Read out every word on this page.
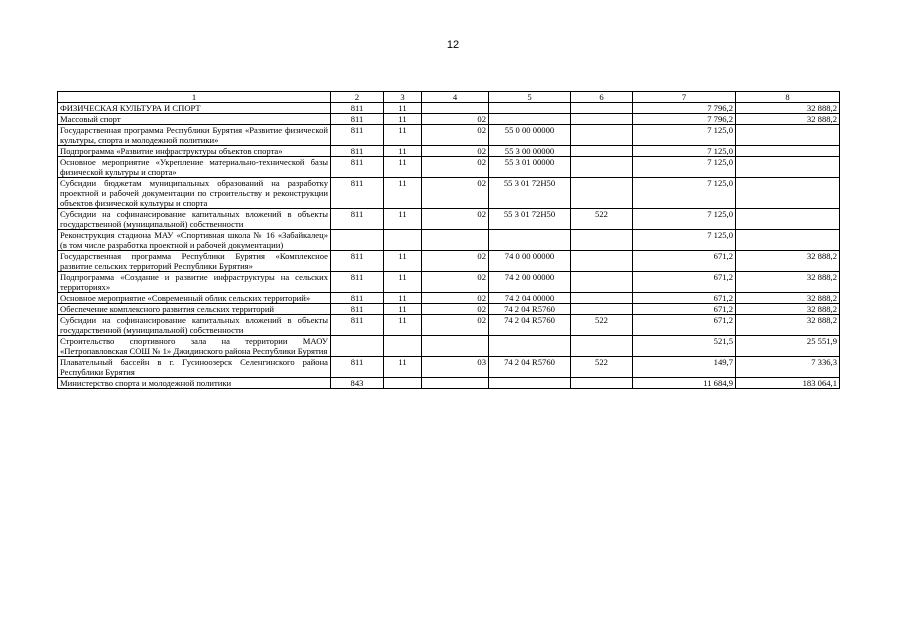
12
1	2	3	4	5	6	7	8
ФИЗИЧЕСКАЯ КУЛЬТУРА И СПОРТ	811	11				7 796,2	32 888,2
Массовый спорт	811	11	02			7 796,2	32 888,2
Государственная программа Республики Бурятия «Развитие физической культуры, спорта и молодежной политики»	811	11	02	55 0 00 00000		7 125,0	
Подпрограмма «Развитие инфраструктуры объектов спорта»	811	11	02	55 3 00 00000		7 125,0	
Основное мероприятие «Укрепление материально-технической базы физической культуры и спорта»	811	11	02	55 3 01 00000		7 125,0	
Субсидии бюджетам муниципальных образований на разработку проектной и рабочей документации по строительству и реконструкции объектов физической культуры и спорта	811	11	02	55 3 01 72Н50		7 125,0	
Субсидии на софинансирование капитальных вложений в объекты государственной (муниципальной) собственности	811	11	02	55 3 01 72Н50	522	7 125,0	
Реконструкция стадиона МАУ «Спортивная школа № 16 «Забайкалец» (в том числе разработка проектной и рабочей документации)						7 125,0	
Государственная программа Республики Бурятия «Комплексное развитие сельских территорий Республики Бурятия»	811	11	02	74 0 00 00000		671,2	32 888,2
Подпрограмма «Создание и развитие инфраструктуры на сельских территориях»	811	11	02	74 2 00 00000		671,2	32 888,2
Основное мероприятие «Современный облик сельских территорий»	811	11	02	74 2 04 00000		671,2	32 888,2
Обеспечение комплексного развития сельских территорий	811	11	02	74 2 04 R5760		671,2	32 888,2
Субсидии на софинансирование капитальных вложений в объекты государственной (муниципальной) собственности	811	11	02	74 2 04 R5760	522	671,2	32 888,2
Строительство спортивного зала на территории МАОУ «Петропавловская СОШ № 1» Джидинского района Республики Бурятия						521,5	25 551,9
Плавательный бассейн в г. Гусиноозерск Селенгинского района Республики Бурятия	811	11	03	74 2 04 R5760	522	149,7	7 336,3
Министерство спорта и молодежной политики	843					11 684,9	183 064,1
